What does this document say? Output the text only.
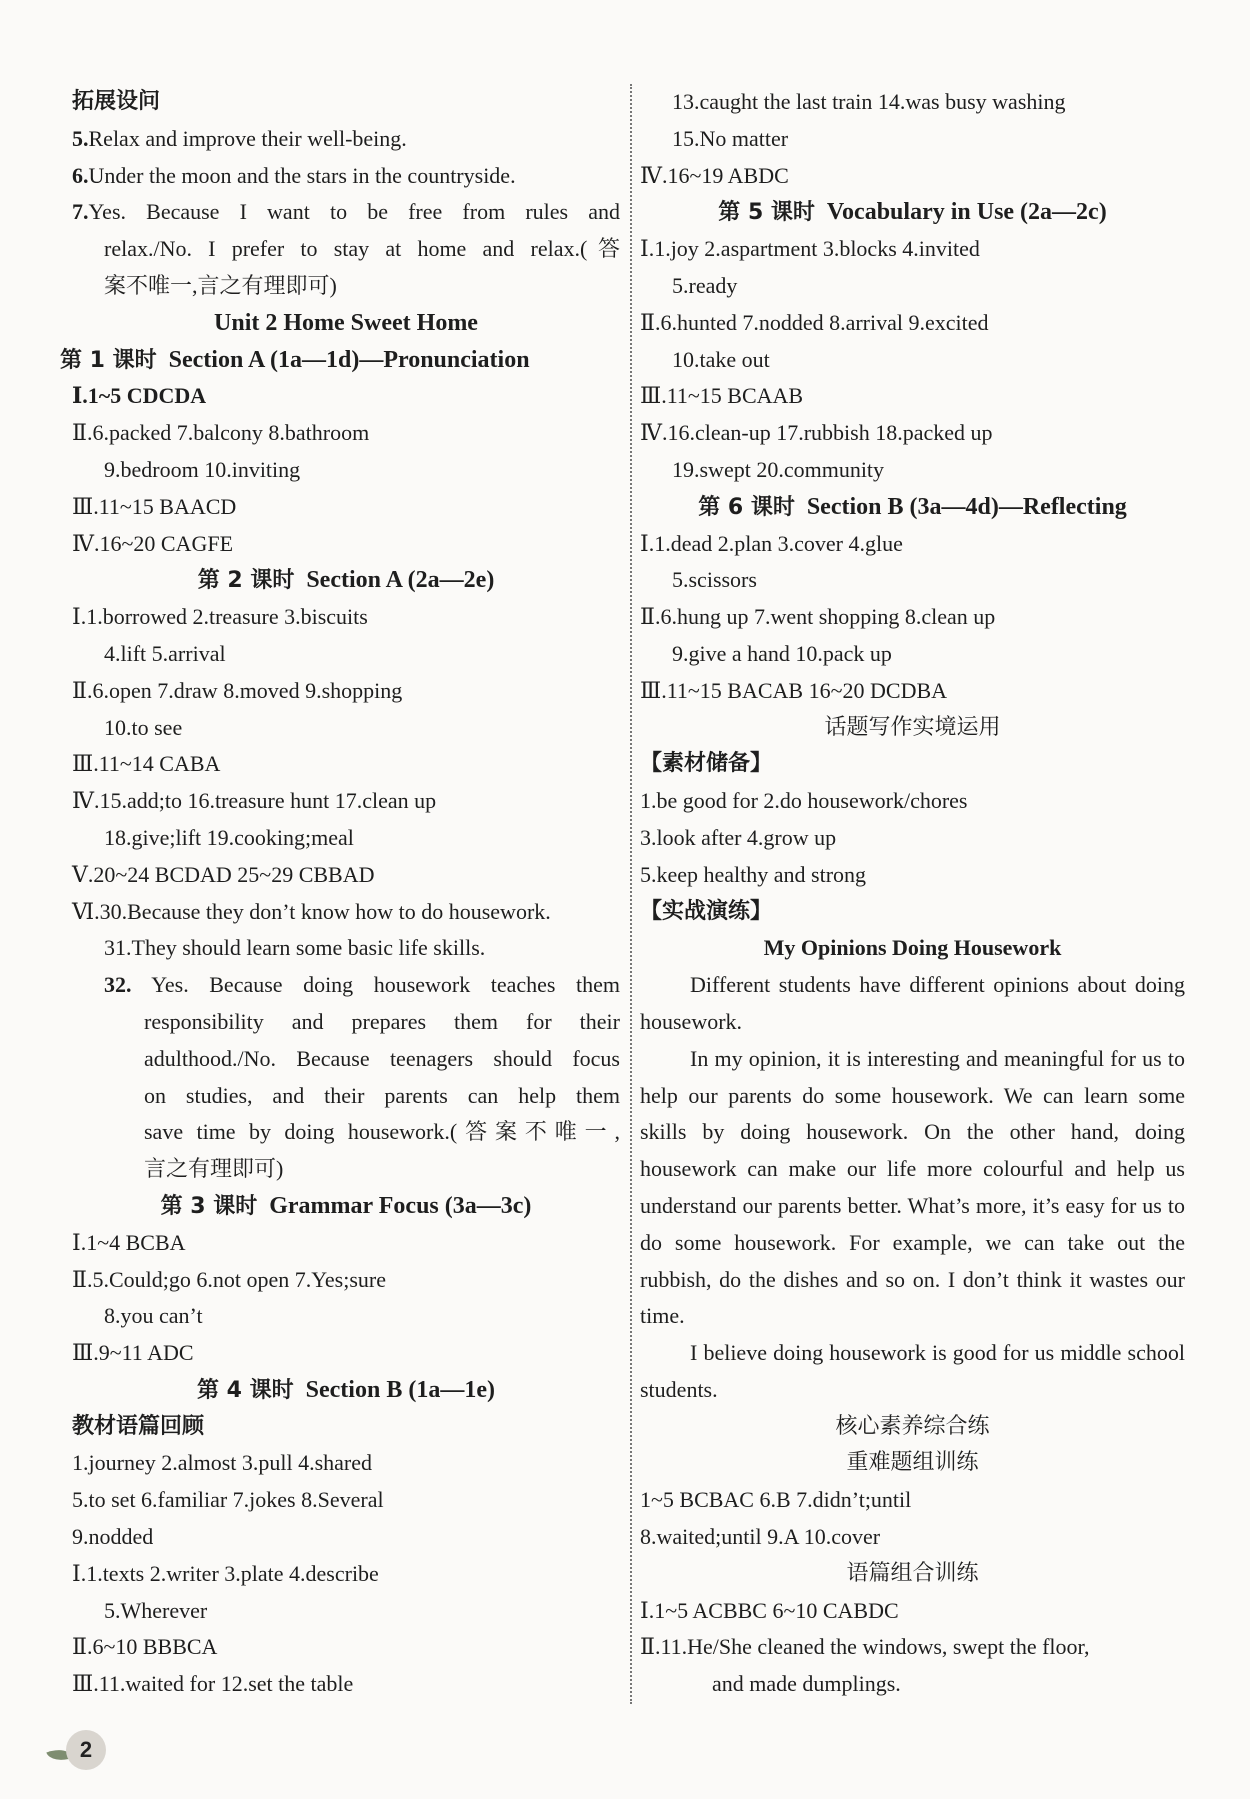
拓展设问
5.Relax and improve their well-being.
6.Under the moon and the stars in the countryside.
7.Yes. Because I want to be free from rules and
relax./No. I prefer to stay at home and relax.(答
案不唯一,言之有理即可)
Unit 2 Home Sweet Home
第 1 课时 Section A (1a—1d)—Pronunciation
Ⅰ.1~5 CDCDA
Ⅱ.6.packed 7.balcony 8.bathroom
9.bedroom 10.inviting
Ⅲ.11~15 BAACD
Ⅳ.16~20 CAGFE
第 2 课时 Section A (2a—2e)
Ⅰ.1.borrowed 2.treasure 3.biscuits
4.lift 5.arrival
Ⅱ.6.open 7.draw 8.moved 9.shopping
10.to see
Ⅲ.11~14 CABA
Ⅳ.15.add;to 16.treasure hunt 17.clean up
18.give;lift 19.cooking;meal
Ⅴ.20~24 BCDAD 25~29 CBBAD
Ⅵ.30.Because they don’t know how to do housework.
31.They should learn some basic life skills.
32. Yes. Because doing housework teaches them
responsibility and prepares them for their
adulthood./No. Because teenagers should focus
on studies, and their parents can help them
save time by doing housework.(答案不唯一,
言之有理即可)
第 3 课时 Grammar Focus (3a—3c)
Ⅰ.1~4 BCBA
Ⅱ.5.Could;go 6.not open 7.Yes;sure
8.you can’t
Ⅲ.9~11 ADC
第 4 课时 Section B (1a—1e)
教材语篇回顾
1.journey 2.almost 3.pull 4.shared
5.to set 6.familiar 7.jokes 8.Several
9.nodded
Ⅰ.1.texts 2.writer 3.plate 4.describe
5.Wherever
Ⅱ.6~10 BBBCA
Ⅲ.11.waited for 12.set the table
13.caught the last train 14.was busy washing
15.No matter
Ⅳ.16~19 ABDC
第 5 课时 Vocabulary in Use (2a—2c)
Ⅰ.1.joy 2.aspartment 3.blocks 4.invited
5.ready
Ⅱ.6.hunted 7.nodded 8.arrival 9.excited
10.take out
Ⅲ.11~15 BCAAB
Ⅳ.16.clean-up 17.rubbish 18.packed up
19.swept 20.community
第 6 课时 Section B (3a—4d)—Reflecting
Ⅰ.1.dead 2.plan 3.cover 4.glue
5.scissors
Ⅱ.6.hung up 7.went shopping 8.clean up
9.give a hand 10.pack up
Ⅲ.11~15 BACAB 16~20 DCDBA
话题写作实境运用
【素材储备】
1.be good for 2.do housework/chores
3.look after 4.grow up
5.keep healthy and strong
【实战演练】
My Opinions Doing Housework

Different students have different opinions about doing housework.

In my opinion, it is interesting and meaningful for us to help our parents do some housework. We can learn some skills by doing housework. On the other hand, doing housework can make our life more colourful and help us understand our parents better. What’s more, it’s easy for us to do some housework. For example, we can take out the rubbish, do the dishes and so on. I don’t think it wastes our time.

I believe doing housework is good for us middle school students.

核心素养综合练
重难题组训练
1~5 BCBAC 6.B 7.didn’t;until
8.waited;until 9.A 10.cover
语篇组合训练
Ⅰ.1~5 ACBBC 6~10 CABDC
Ⅱ.11.He/She cleaned the windows, swept the floor,
and made dumplings.
2
